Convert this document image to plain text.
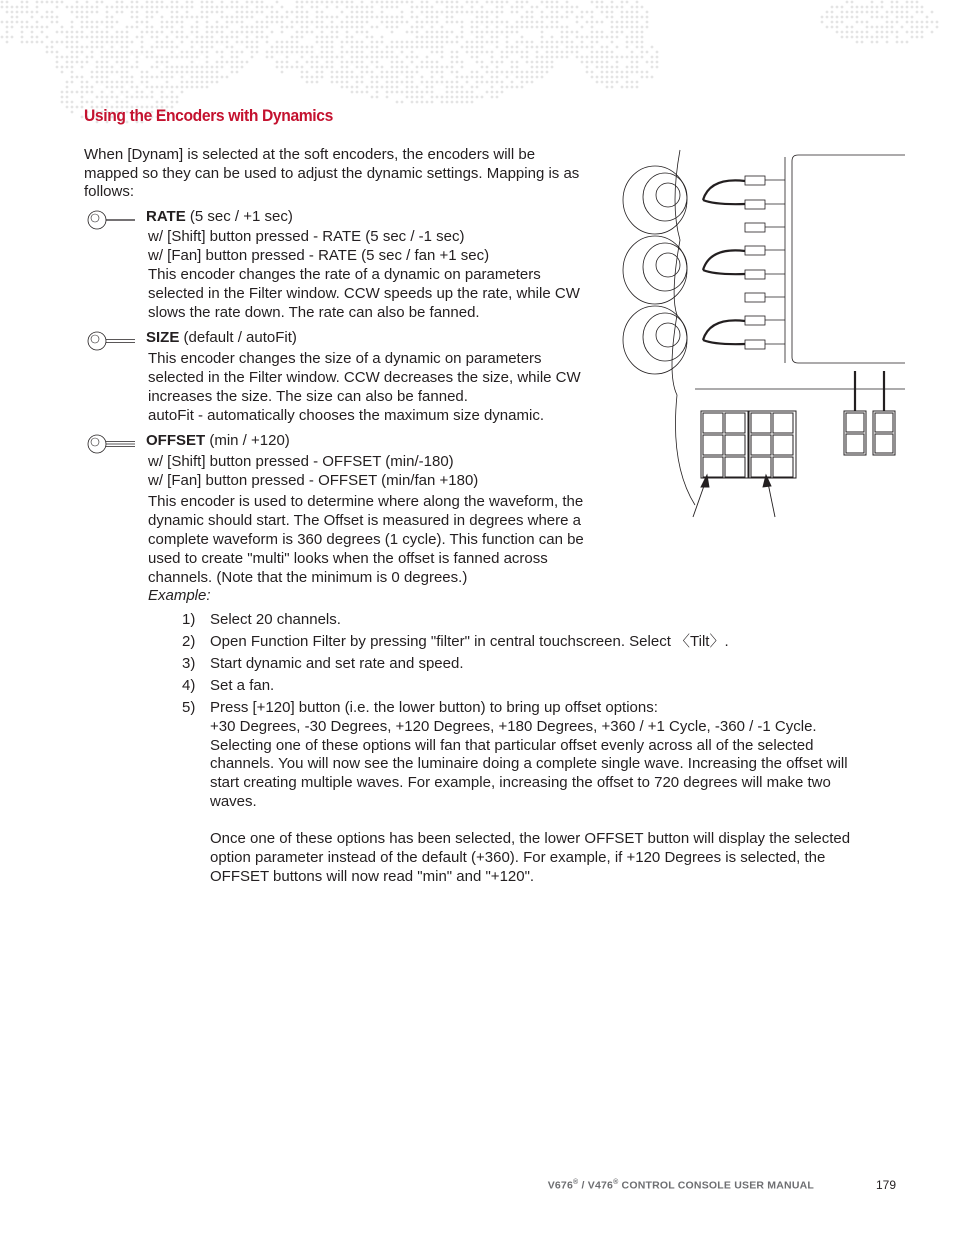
Using the Encoders with Dynamics
When [Dynam] is selected at the soft encoders, the encoders will be
mapped so they can be used to adjust the dynamic settings. Mapping is as
follows:
RATE (5 sec / +1 sec)
w/ [Shift] button pressed - RATE (5 sec / -1 sec)
w/ [Fan] button pressed - RATE (5 sec / fan +1 sec)
This encoder changes the rate of a dynamic on parameters
selected in the Filter window. CCW speeds up the rate, while CW
slows the rate down. The rate can also be fanned.
SIZE (default / autoFit)
This encoder changes the size of a dynamic on parameters
selected in the Filter window. CCW decreases the size, while CW
increases the size. The size can also be fanned.
autoFit - automatically chooses the maximum size dynamic.
OFFSET (min / +120)
w/ [Shift] button pressed - OFFSET (min/-180)
w/ [Fan] button pressed - OFFSET (min/fan +180)
This encoder is used to determine where along the waveform, the
dynamic should start. The Offset is measured in degrees where a
complete waveform is 360 degrees (1 cycle). This function can be
used to create "multi" looks when the offset is fanned across
channels. (Note that the minimum is 0 degrees.)
Example:
1) Select 20 channels.
2) Open Function Filter by pressing "filter" in central touchscreen. Select 〈Tilt〉.
3) Start dynamic and set rate and speed.
4) Set a fan.
5) Press [+120] button (i.e. the lower button) to bring up offset options:
+30 Degrees, -30 Degrees, +120 Degrees, +180 Degrees, +360 / +1 Cycle, -360 / -1 Cycle.
Selecting one of these options will fan that particular offset evenly across all of the selected
channels. You will now see the luminaire doing a complete single wave. Increasing the offset will
start creating multiple waves. For example, increasing the offset to 720 degrees will make two
waves.
Once one of these options has been selected, the lower OFFSET button will display the selected
option parameter instead of the default (+360). For example, if +120 Degrees is selected, the
OFFSET buttons will now read "min" and "+120".
V676® / V476® CONTROL CONSOLE USER MANUAL	179
